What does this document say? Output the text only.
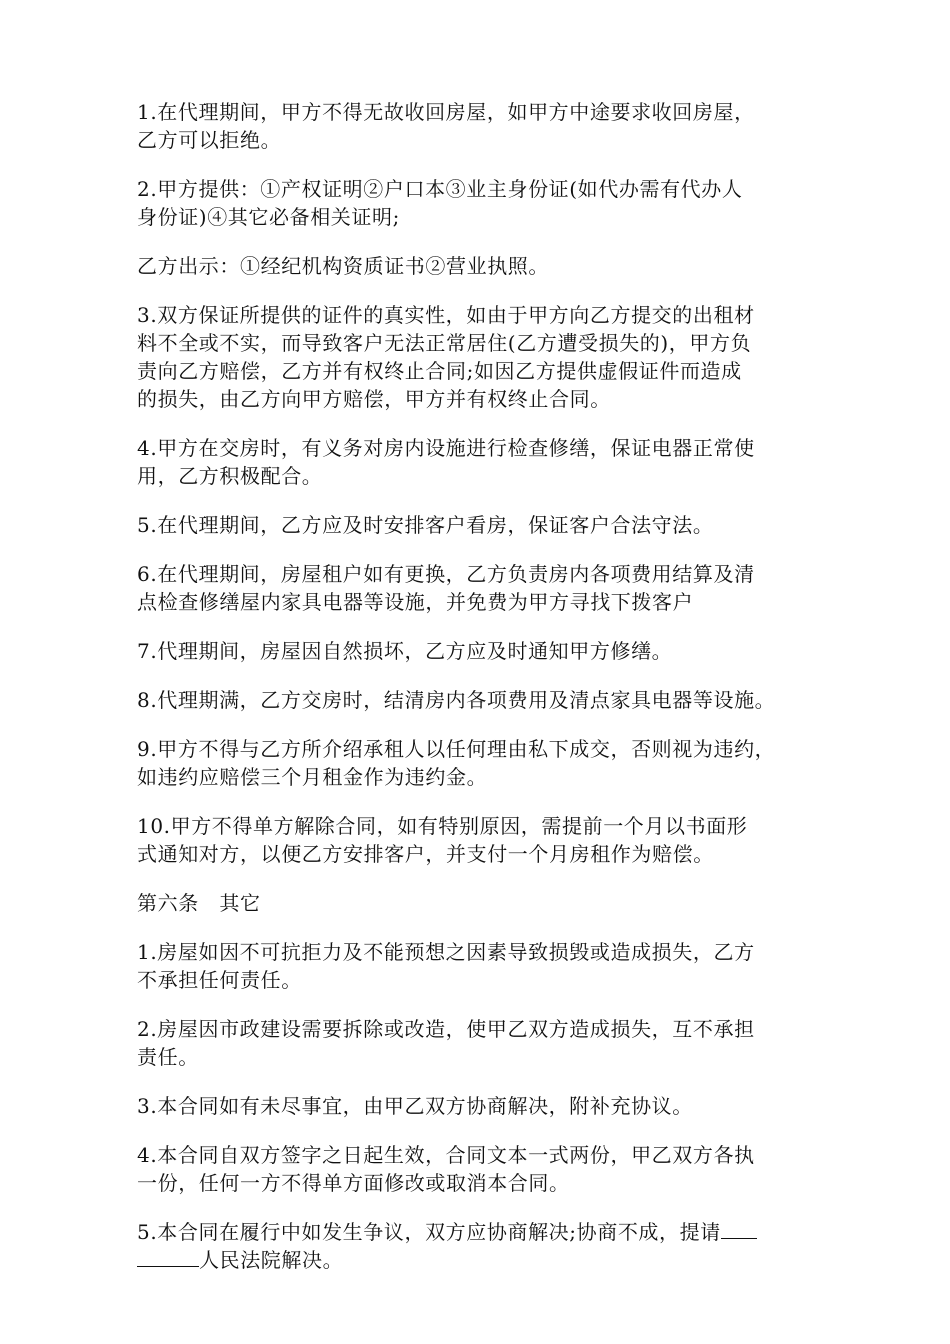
1.在代理期间，甲方不得无故收回房屋，如甲方中途要求收回房屋，
乙方可以拒绝。

2.甲方提供：①产权证明②户口本③业主身份证(如代办需有代办人
身份证)④其它必备相关证明;

乙方出示：①经纪机构资质证书②营业执照。

3.双方保证所提供的证件的真实性，如由于甲方向乙方提交的出租材
料不全或不实，而导致客户无法正常居住(乙方遭受损失的)，甲方负
责向乙方赔偿，乙方并有权终止合同;如因乙方提供虚假证件而造成
的损失，由乙方向甲方赔偿，甲方并有权终止合同。

4.甲方在交房时，有义务对房内设施进行检查修缮，保证电器正常使
用，乙方积极配合。

5.在代理期间，乙方应及时安排客户看房，保证客户合法守法。

6.在代理期间，房屋租户如有更换，乙方负责房内各项费用结算及清
点检查修缮屋内家具电器等设施，并免费为甲方寻找下拨客户

7.代理期间，房屋因自然损坏，乙方应及时通知甲方修缮。

8.代理期满，乙方交房时，结清房内各项费用及清点家具电器等设施。

9.甲方不得与乙方所介绍承租人以任何理由私下成交，否则视为违约，
如违约应赔偿三个月租金作为违约金。

10.甲方不得单方解除合同，如有特别原因，需提前一个月以书面形
式通知对方，以便乙方安排客户，并支付一个月房租作为赔偿。

第六条　其它

1.房屋如因不可抗拒力及不能预想之因素导致损毁或造成损失，乙方
不承担任何责任。

2.房屋因市政建设需要拆除或改造，使甲乙双方造成损失，互不承担
责任。

3.本合同如有未尽事宜，由甲乙双方协商解决，附补充协议。

4.本合同自双方签字之日起生效，合同文本一式两份，甲乙双方各执
一份，任何一方不得单方面修改或取消本合同。

5.本合同在履行中如发生争议，双方应协商解决;协商不成，提请
人民法院解决。
